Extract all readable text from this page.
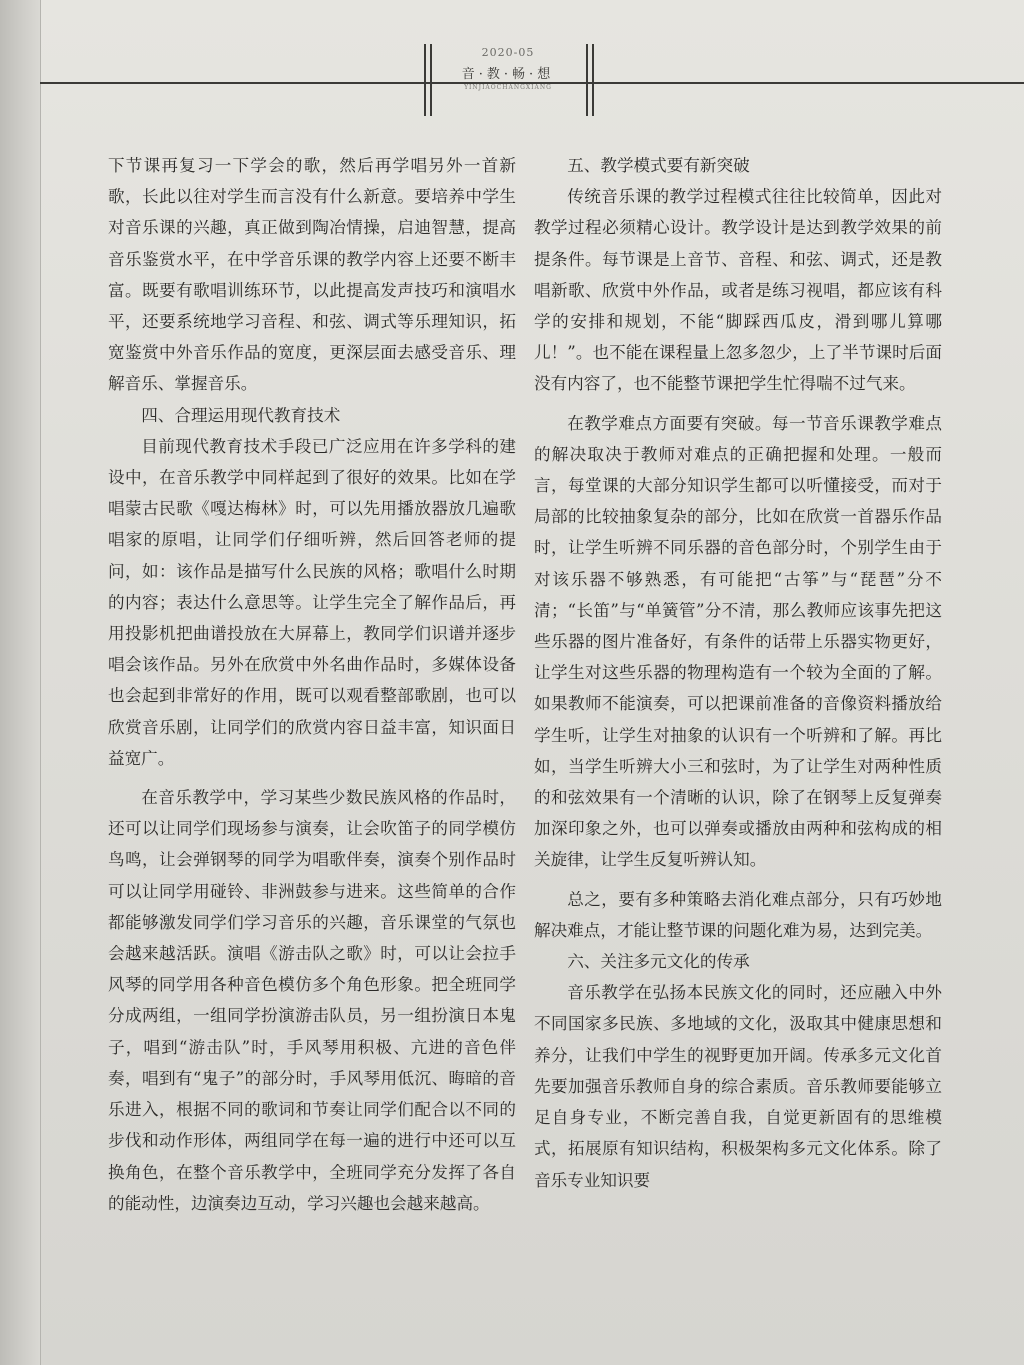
2020-05
音·教·畅·想
YINJIAOCHANGXIANG

下节课再复习一下学会的歌，然后再学唱另外一首新歌，长此以往对学生而言没有什么新意。要培养中学生对音乐课的兴趣，真正做到陶冶情操，启迪智慧，提高音乐鉴赏水平，在中学音乐课的教学内容上还要不断丰富。既要有歌唱训练环节，以此提高发声技巧和演唱水平，还要系统地学习音程、和弦、调式等乐理知识，拓宽鉴赏中外音乐作品的宽度，更深层面去感受音乐、理解音乐、掌握音乐。

四、合理运用现代教育技术

目前现代教育技术手段已广泛应用在许多学科的建设中，在音乐教学中同样起到了很好的效果。比如在学唱蒙古民歌《嘎达梅林》时，可以先用播放器放几遍歌唱家的原唱，让同学们仔细听辨，然后回答老师的提问，如：该作品是描写什么民族的风格；歌唱什么时期的内容；表达什么意思等。让学生完全了解作品后，再用投影机把曲谱投放在大屏幕上，教同学们识谱并逐步唱会该作品。另外在欣赏中外名曲作品时，多媒体设备也会起到非常好的作用，既可以观看整部歌剧，也可以欣赏音乐剧，让同学们的欣赏内容日益丰富，知识面日益宽广。

在音乐教学中，学习某些少数民族风格的作品时，还可以让同学们现场参与演奏，让会吹笛子的同学模仿鸟鸣，让会弹钢琴的同学为唱歌伴奏，演奏个别作品时可以让同学用碰铃、非洲鼓参与进来。这些简单的合作都能够激发同学们学习音乐的兴趣，音乐课堂的气氛也会越来越活跃。演唱《游击队之歌》时，可以让会拉手风琴的同学用各种音色模仿多个角色形象。把全班同学分成两组，一组同学扮演游击队员，另一组扮演日本鬼子，唱到“游击队”时，手风琴用积极、亢进的音色伴奏，唱到有“鬼子”的部分时，手风琴用低沉、晦暗的音乐进入，根据不同的歌词和节奏让同学们配合以不同的步伐和动作形体，两组同学在每一遍的进行中还可以互换角色，在整个音乐教学中，全班同学充分发挥了各自的能动性，边演奏边互动，学习兴趣也会越来越高。

五、教学模式要有新突破

传统音乐课的教学过程模式往往比较简单，因此对教学过程必须精心设计。教学设计是达到教学效果的前提条件。每节课是上音节、音程、和弦、调式，还是教唱新歌、欣赏中外作品，或者是练习视唱，都应该有科学的安排和规划，不能“脚踩西瓜皮，滑到哪儿算哪儿！”。也不能在课程量上忽多忽少，上了半节课时后面没有内容了，也不能整节课把学生忙得喘不过气来。

在教学难点方面要有突破。每一节音乐课教学难点的解决取决于教师对难点的正确把握和处理。一般而言，每堂课的大部分知识学生都可以听懂接受，而对于局部的比较抽象复杂的部分，比如在欣赏一首器乐作品时，让学生听辨不同乐器的音色部分时，个别学生由于对该乐器不够熟悉，有可能把“古筝”与“琵琶”分不清；“长笛”与“单簧管”分不清，那么教师应该事先把这些乐器的图片准备好，有条件的话带上乐器实物更好，让学生对这些乐器的物理构造有一个较为全面的了解。如果教师不能演奏，可以把课前准备的音像资料播放给学生听，让学生对抽象的认识有一个听辨和了解。再比如，当学生听辨大小三和弦时，为了让学生对两种性质的和弦效果有一个清晰的认识，除了在钢琴上反复弹奏加深印象之外，也可以弹奏或播放由两种和弦构成的相关旋律，让学生反复听辨认知。

总之，要有多种策略去消化难点部分，只有巧妙地解决难点，才能让整节课的问题化难为易，达到完美。

六、关注多元文化的传承

音乐教学在弘扬本民族文化的同时，还应融入中外不同国家多民族、多地域的文化，汲取其中健康思想和养分，让我们中学生的视野更加开阔。传承多元文化首先要加强音乐教师自身的综合素质。音乐教师要能够立足自身专业，不断完善自我，自觉更新固有的思维模式，拓展原有知识结构，积极架构多元文化体系。除了音乐专业知识要
